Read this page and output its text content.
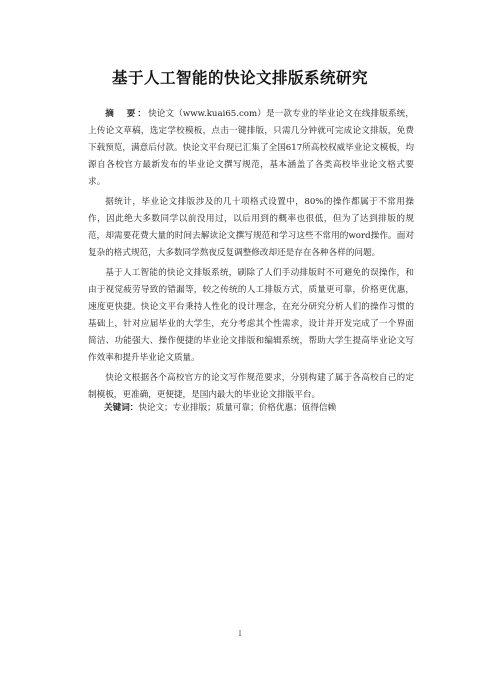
基于人工智能的快论文排版系统研究

摘　要：快论文（www.kuai65.com）是一款专业的毕业论文在线排版系统，上传论文草稿，选定学校模板，点击一键排版，只需几分钟就可完成论文排版，免费下载预览，满意后付款。快论文平台现已汇集了全国617所高校权威毕业论文模板，均源自各校官方最新发布的毕业论文撰写规范，基本涵盖了各类高校毕业论文格式要求。

据统计，毕业论文排版涉及的几十项格式设置中，80%的操作都属于不常用操作，因此绝大多数同学以前没用过，以后用到的概率也很低，但为了达到排版的规范，却需要花费大量的时间去解读论文撰写规范和学习这些不常用的word操作。面对复杂的格式规范，大多数同学熬夜反复调整修改却还是存在各种各样的问题。

基于人工智能的快论文排版系统，刷除了人们手动排版时不可避免的误操作，和由于视觉疲劳导致的错漏等，较之传统的人工排版方式，质量更可靠，价格更优惠，速度更快捷。快论文平台秉持人性化的设计理念，在充分研究分析人们的操作习惯的基础上，针对应届毕业的大学生，充分考虑其个性需求，设计并开发完成了一个界面简洁、功能强大、操作便捷的毕业论文排版和编辑系统，帮助大学生提高毕业论文写作效率和提升毕业论文质量。

快论文根据各个高校官方的论文写作规范要求，分别构建了属于各高校自己的定制模板，更准确，更便捷，是国内最大的毕业论文排版平台。

关键词：快论文；专业排版；质量可靠；价格优惠；值得信赖
I
